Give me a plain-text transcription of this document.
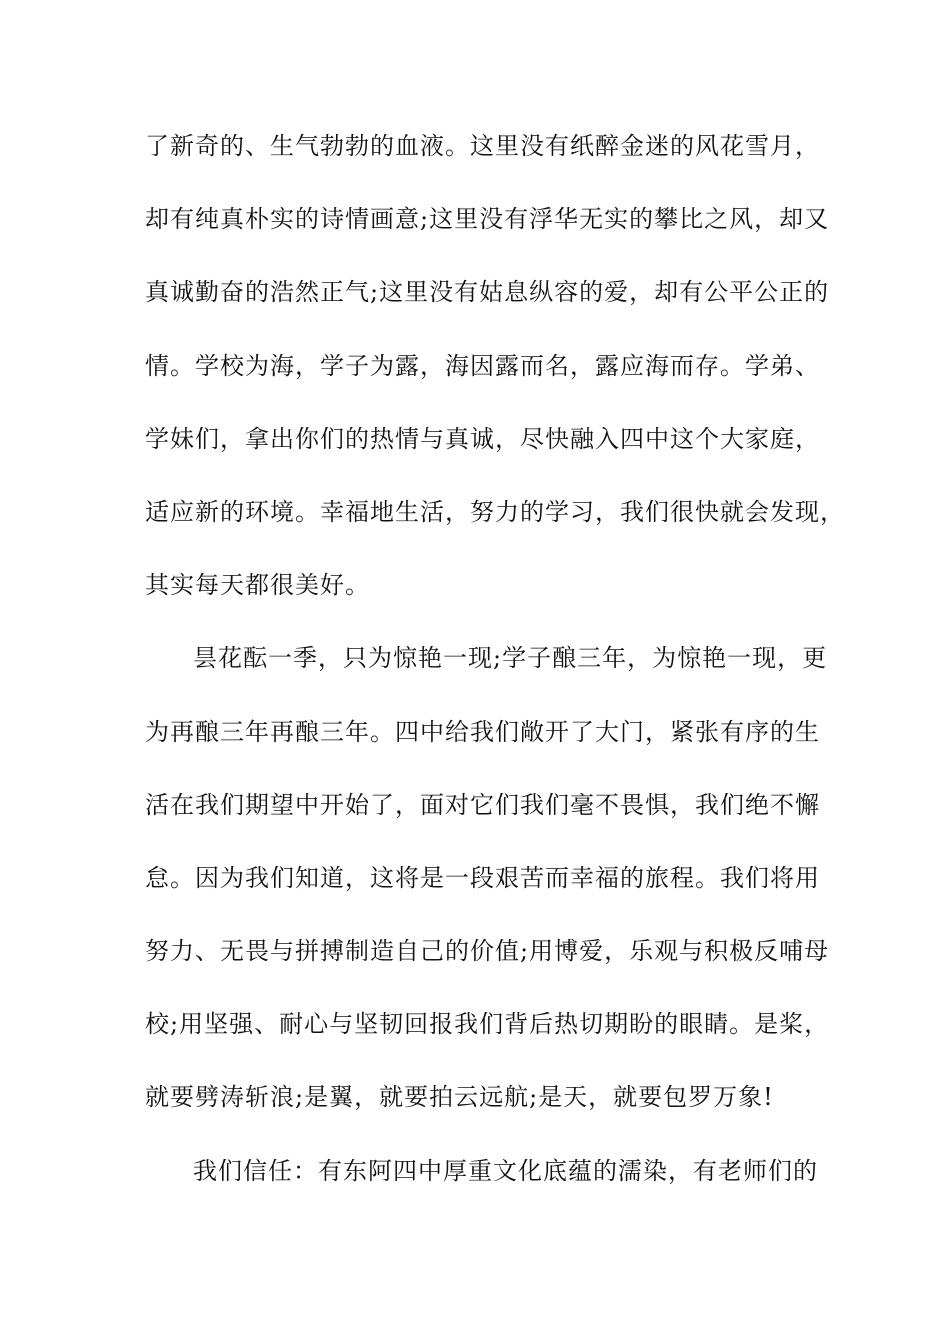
了新奇的、生气勃勃的血液。这里没有纸醉金迷的风花雪月，
却有纯真朴实的诗情画意;这里没有浮华无实的攀比之风，却又
真诚勤奋的浩然正气;这里没有姑息纵容的爱，却有公平公正的
情。学校为海，学子为露，海因露而名，露应海而存。学弟、
学妹们，拿出你们的热情与真诚，尽快融入四中这个大家庭，
适应新的环境。幸福地生活，努力的学习，我们很快就会发现，
其实每天都很美好。
昙花酝一季，只为惊艳一现;学子酿三年，为惊艳一现，更
为再酿三年再酿三年。四中给我们敞开了大门，紧张有序的生
活在我们期望中开始了，面对它们我们毫不畏惧，我们绝不懈
怠。因为我们知道，这将是一段艰苦而幸福的旅程。我们将用
努力、无畏与拼搏制造自己的价值;用博爱，乐观与积极反哺母
校;用坚强、耐心与坚韧回报我们背后热切期盼的眼睛。是桨，
就要劈涛斩浪;是翼，就要拍云远航;是天，就要包罗万象!
我们信任：有东阿四中厚重文化底蕴的濡染，有老师们的
